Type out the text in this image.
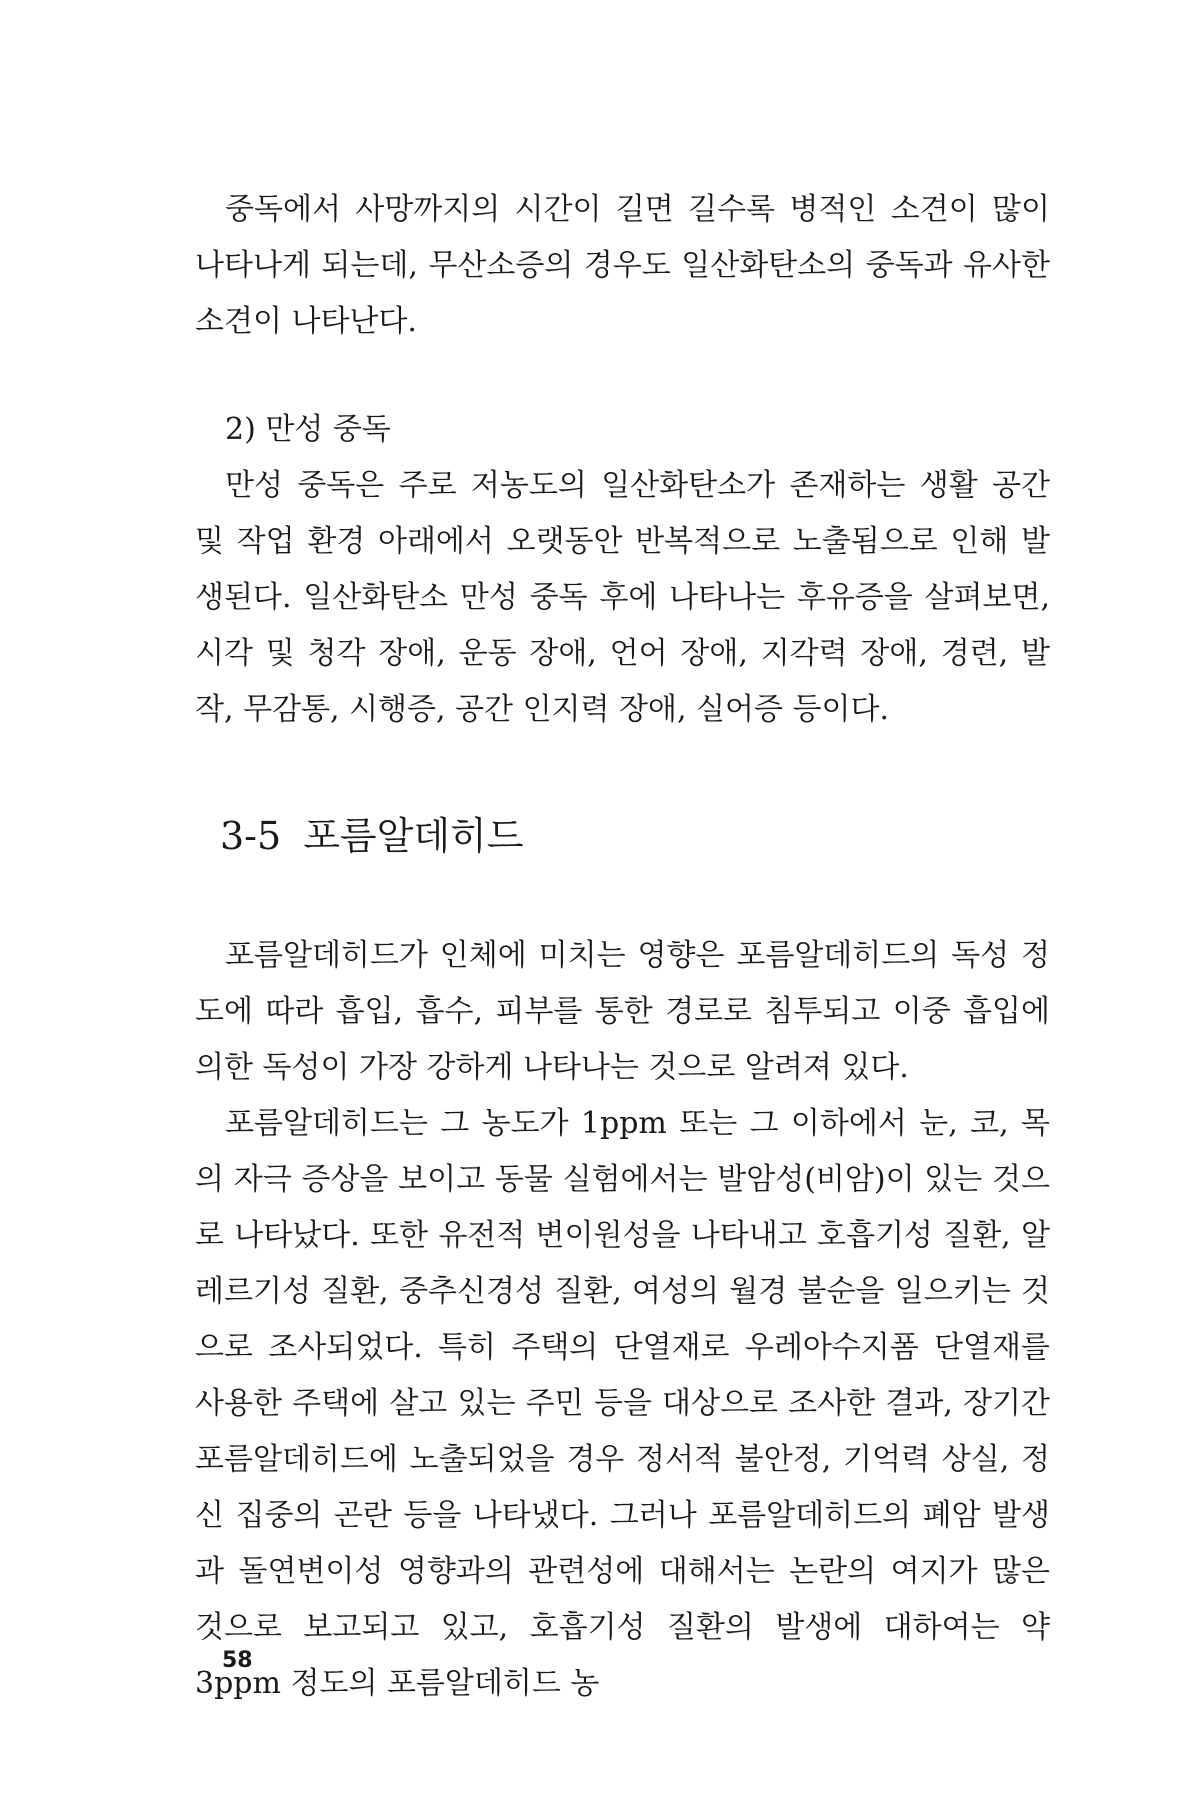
중독에서 사망까지의 시간이 길면 길수록 병적인 소견이 많이 나타나게 되는데, 무산소증의 경우도 일산화탄소의 중독과 유사한 소견이 나타난다.

2) 만성 중독

만성 중독은 주로 저농도의 일산화탄소가 존재하는 생활 공간 및 작업 환경 아래에서 오랫동안 반복적으로 노출됨으로 인해 발생된다. 일산화탄소 만성 중독 후에 나타나는 후유증을 살펴보면, 시각 및 청각 장애, 운동 장애, 언어 장애, 지각력 장애, 경련, 발작, 무감통, 시행증, 공간 인지력 장애, 실어증 등이다.

3-5 포름알데히드

포름알데히드가 인체에 미치는 영향은 포름알데히드의 독성 정도에 따라 흡입, 흡수, 피부를 통한 경로로 침투되고 이중 흡입에 의한 독성이 가장 강하게 나타나는 것으로 알려져 있다.

포름알데히드는 그 농도가 1ppm 또는 그 이하에서 눈, 코, 목의 자극 증상을 보이고 동물 실험에서는 발암성(비암)이 있는 것으로 나타났다. 또한 유전적 변이원성을 나타내고 호흡기성 질환, 알레르기성 질환, 중추신경성 질환, 여성의 월경 불순을 일으키는 것으로 조사되었다. 특히 주택의 단열재로 우레아수지폼 단열재를 사용한 주택에 살고 있는 주민 등을 대상으로 조사한 결과, 장기간 포름알데히드에 노출되었을 경우 정서적 불안정, 기억력 상실, 정신 집중의 곤란 등을 나타냈다. 그러나 포름알데히드의 폐암 발생과 돌연변이성 영향과의 관련성에 대해서는 논란의 여지가 많은 것으로 보고되고 있고, 호흡기성 질환의 발생에 대하여는 약 3ppm 정도의 포름알데히드 농

58
